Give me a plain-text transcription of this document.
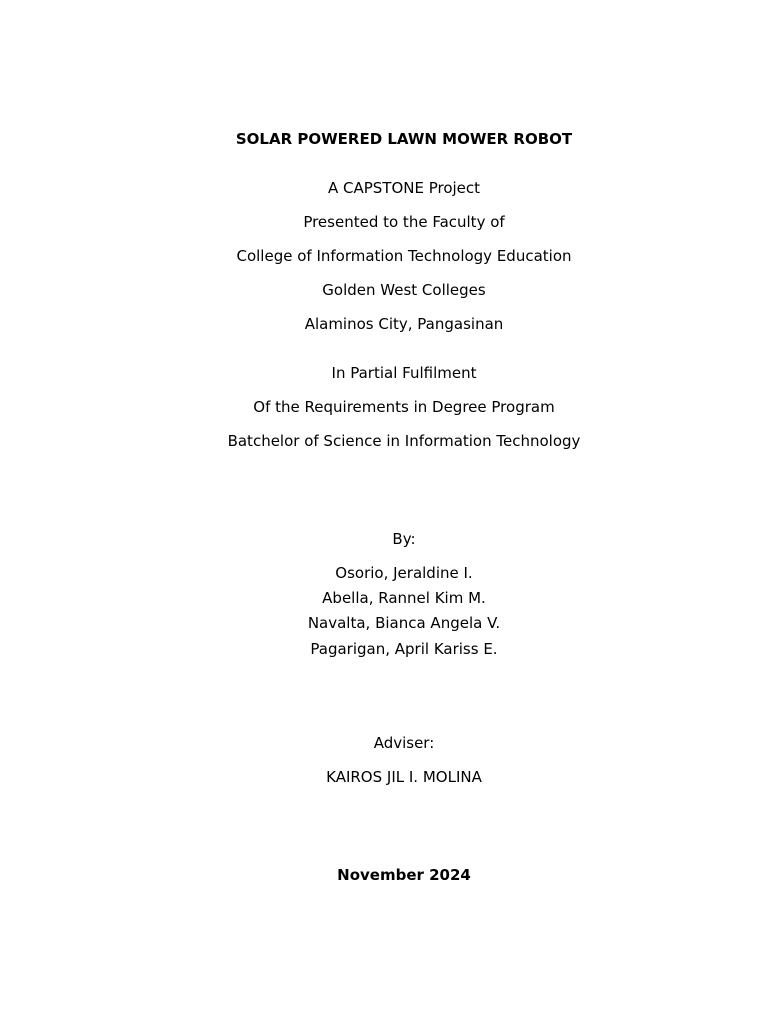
SOLAR POWERED LAWN MOWER ROBOT
A CAPSTONE Project
Presented to the Faculty of
College of Information Technology Education
Golden West Colleges
Alaminos City, Pangasinan
In Partial Fulfilment
Of the Requirements in Degree Program
Batchelor of Science in Information Technology
By:
Osorio, Jeraldine I.
Abella, Rannel Kim M.
Navalta, Bianca Angela V.
Pagarigan, April Kariss E.
Adviser:
KAIROS JIL I. MOLINA
November 2024
